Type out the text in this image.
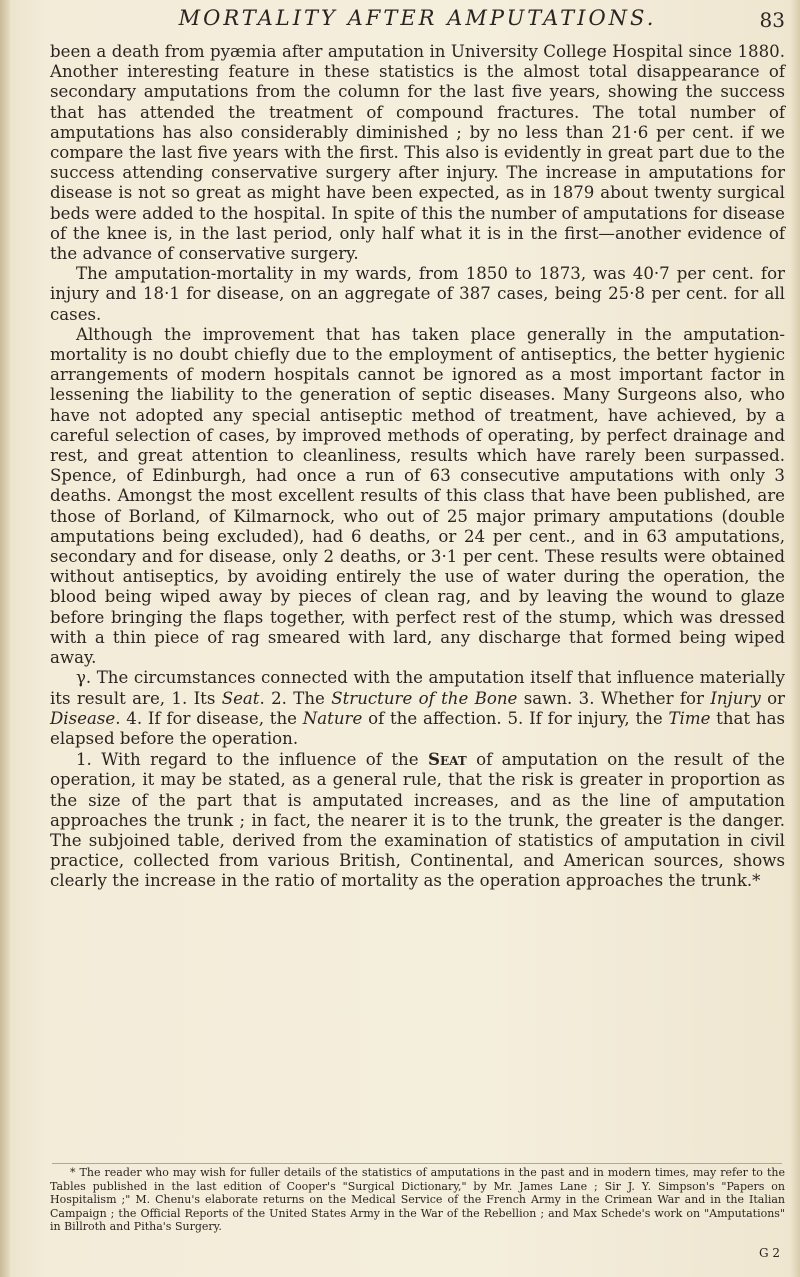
MORTALITY AFTER AMPUTATIONS.	83

been a death from pyæmia after amputation in University College Hospital since 1880. Another interesting feature in these statistics is the almost total disappearance of secondary amputations from the column for the last five years, showing the success that has attended the treatment of compound fractures. The total number of amputations has also considerably diminished ; by no less than 21·6 per cent. if we compare the last five years with the first. This also is evidently in great part due to the success attending conservative surgery after injury. The increase in amputations for disease is not so great as might have been expected, as in 1879 about twenty surgical beds were added to the hospital. In spite of this the number of amputations for disease of the knee is, in the last period, only half what it is in the first—another evidence of the advance of conservative surgery.

The amputation-mortality in my wards, from 1850 to 1873, was 40·7 per cent. for injury and 18·1 for disease, on an aggregate of 387 cases, being 25·8 per cent. for all cases.

Although the improvement that has taken place generally in the amputation-mortality is no doubt chiefly due to the employment of antiseptics, the better hygienic arrangements of modern hospitals cannot be ignored as a most important factor in lessening the liability to the generation of septic diseases. Many Surgeons also, who have not adopted any special antiseptic method of treatment, have achieved, by a careful selection of cases, by improved methods of operating, by perfect drainage and rest, and great attention to cleanliness, results which have rarely been surpassed. Spence, of Edinburgh, had once a run of 63 consecutive amputations with only 3 deaths. Amongst the most excellent results of this class that have been published, are those of Borland, of Kilmarnock, who out of 25 major primary amputations (double amputations being excluded), had 6 deaths, or 24 per cent., and in 63 amputations, secondary and for disease, only 2 deaths, or 3·1 per cent. These results were obtained without antiseptics, by avoiding entirely the use of water during the operation, the blood being wiped away by pieces of clean rag, and by leaving the wound to glaze before bringing the flaps together, with perfect rest of the stump, which was dressed with a thin piece of rag smeared with lard, any discharge that formed being wiped away.

γ. The circumstances connected with the amputation itself that influence materially its result are, 1. Its Seat. 2. The Structure of the Bone sawn. 3. Whether for Injury or Disease. 4. If for disease, the Nature of the affection. 5. If for injury, the Time that has elapsed before the operation.

1. With regard to the influence of the Seat of amputation on the result of the operation, it may be stated, as a general rule, that the risk is greater in proportion as the size of the part that is amputated increases, and as the line of amputation approaches the trunk ; in fact, the nearer it is to the trunk, the greater is the danger. The subjoined table, derived from the examination of statistics of amputation in civil practice, collected from various British, Continental, and American sources, shows clearly the increase in the ratio of mortality as the operation approaches the trunk.*

* The reader who may wish for fuller details of the statistics of amputations in the past and in modern times, may refer to the Tables published in the last edition of Cooper's "Surgical Dictionary," by Mr. James Lane ; Sir J. Y. Simpson's "Papers on Hospitalism ;" M. Chenu's elaborate returns on the Medical Service of the French Army in the Crimean War and in the Italian Campaign ; the Official Reports of the United States Army in the War of the Rebellion ; and Max Schede's work on "Amputations" in Billroth and Pitha's Surgery.

G 2
